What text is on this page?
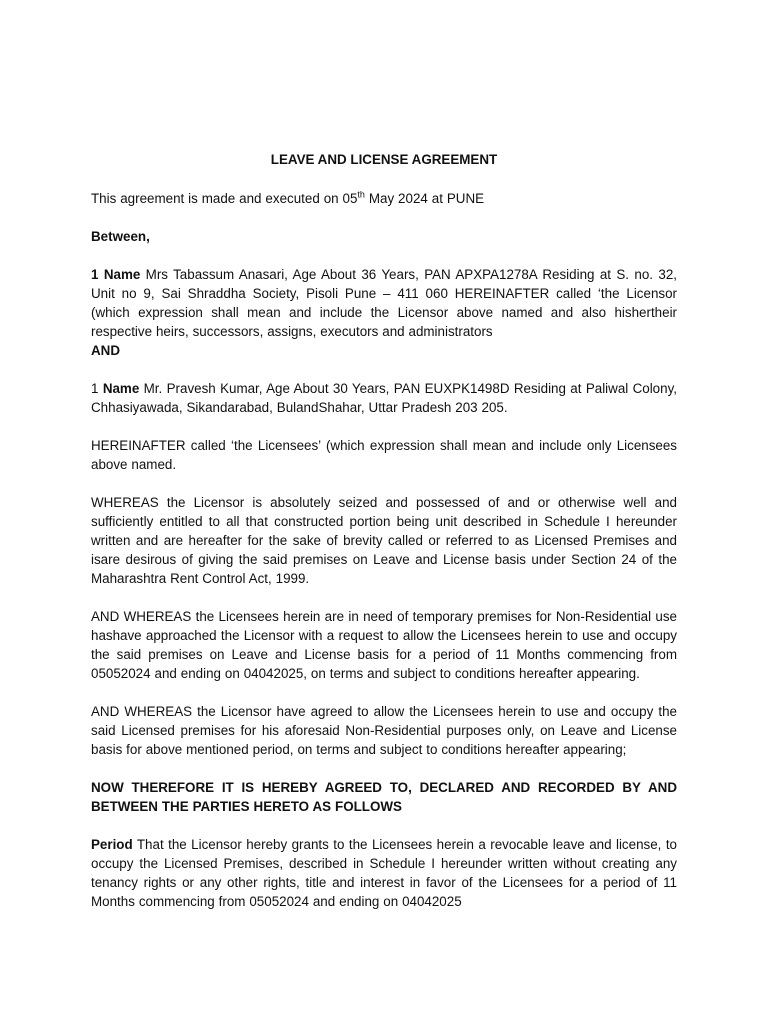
LEAVE AND LICENSE AGREEMENT

This agreement is made and executed on 05th May 2024 at PUNE

Between,

1 Name Mrs Tabassum Anasari, Age About 36 Years, PAN APXPA1278A Residing at S. no. 32, Unit no 9, Sai Shraddha Society, Pisoli Pune – 411 060 HEREINAFTER called ‘the Licensor (which expression shall mean and include the Licensor above named and also hishertheir respective heirs, successors, assigns, executors and administrators

AND

1 Name Mr. Pravesh Kumar, Age About 30 Years, PAN EUXPK1498D Residing at Paliwal Colony, Chhasiyawada, Sikandarabad, BulandShahar, Uttar Pradesh 203 205.

HEREINAFTER called ‘the Licensees’ (which expression shall mean and include only Licensees above named.

WHEREAS the Licensor is absolutely seized and possessed of and or otherwise well and sufficiently entitled to all that constructed portion being unit described in Schedule I hereunder written and are hereafter for the sake of brevity called or referred to as Licensed Premises and isare desirous of giving the said premises on Leave and License basis under Section 24 of the Maharashtra Rent Control Act, 1999.

AND WHEREAS the Licensees herein are in need of temporary premises for Non-Residential use hashave approached the Licensor with a request to allow the Licensees herein to use and occupy the said premises on Leave and License basis for a period of 11 Months commencing from 05052024 and ending on 04042025, on terms and subject to conditions hereafter appearing.

AND WHEREAS the Licensor have agreed to allow the Licensees herein to use and occupy the said Licensed premises for his aforesaid Non-Residential purposes only, on Leave and License basis for above mentioned period, on terms and subject to conditions hereafter appearing;

NOW THEREFORE IT IS HEREBY AGREED TO, DECLARED AND RECORDED BY AND BETWEEN THE PARTIES HERETO AS FOLLOWS

Period That the Licensor hereby grants to the Licensees herein a revocable leave and license, to occupy the Licensed Premises, described in Schedule I hereunder written without creating any tenancy rights or any other rights, title and interest in favor of the Licensees for a period of 11 Months commencing from 05052024 and ending on 04042025
